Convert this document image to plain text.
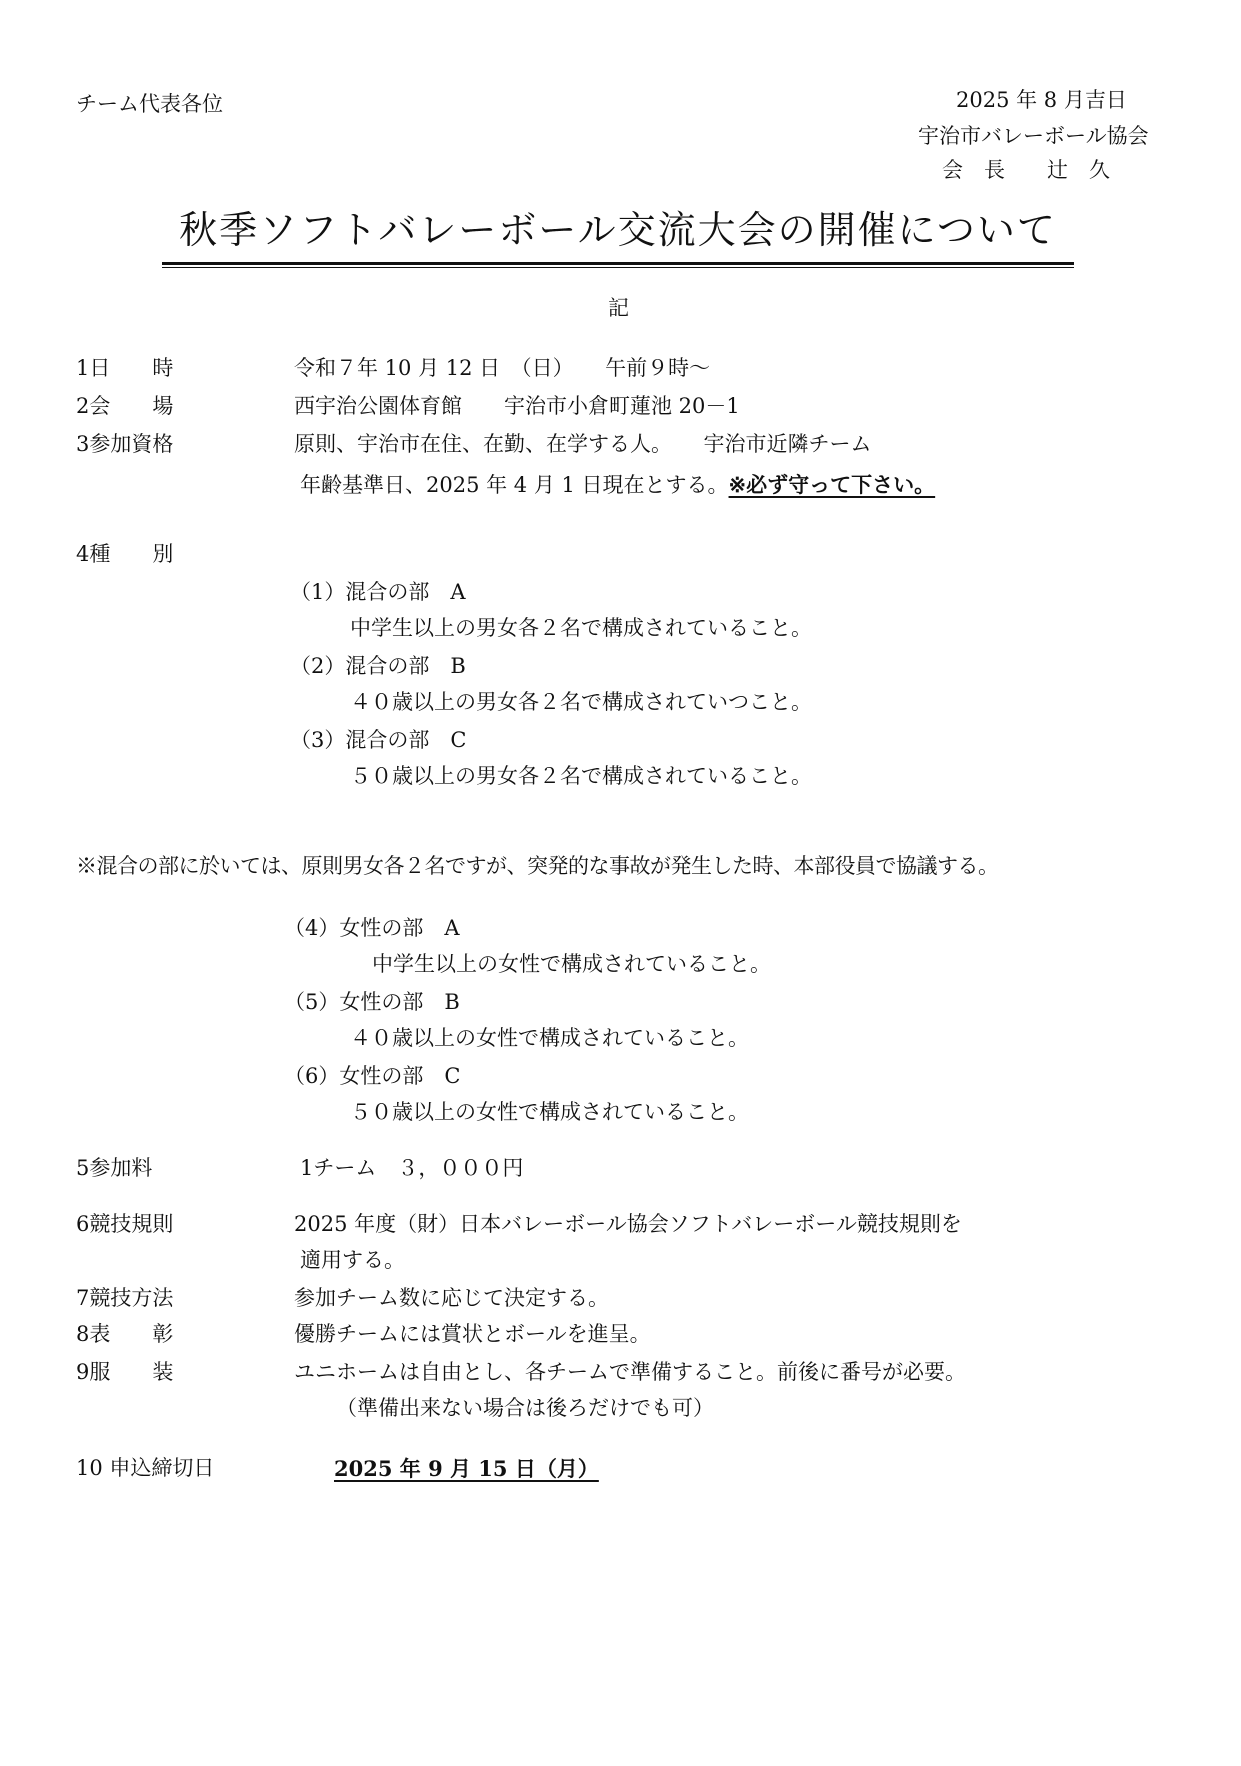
チーム代表各位	2025 年 8 月吉日
宇治市バレーボール協会
会　長　　辻　久
秋季ソフトバレーボール交流大会の開催について
記
1日　　時	令和７年 10 月 12 日　（日）　　午前９時～
2会　　場	西宇治公園体育館　　宇治市小倉町蓮池 20－1
3参加資格	原則、宇治市在住、在勤、在学する人。　　宇治市近隣チーム
年齢基準日、2025 年 4 月 1 日現在とする。※必ず守って下さい。
4種　　別
（1）混合の部　A
中学生以上の男女各２名で構成されていること。
（2）混合の部　B
４０歳以上の男女各２名で構成されていつこと。
（3）混合の部　C
５０歳以上の男女各２名で構成されていること。
※混合の部に於いては、原則男女各２名ですが、突発的な事故が発生した時、本部役員で協議する。
（4）女性の部　A
中学生以上の女性で構成されていること。
（5）女性の部　B
４０歳以上の女性で構成されていること。
（6）女性の部　C
５０歳以上の女性で構成されていること。
5参加料	1チーム　３，０００円
6競技規則	2025 年度（財）日本バレーボール協会ソフトバレーボール競技規則を
適用する。
7競技方法	参加チーム数に応じて決定する。
8表　　彰	優勝チームには賞状とボールを進呈。
9服　　装	ユニホームは自由とし、各チームで準備すること。前後に番号が必要。
（準備出来ない場合は後ろだけでも可）
10 申込締切日	2025 年 9 月 15 日（月）
